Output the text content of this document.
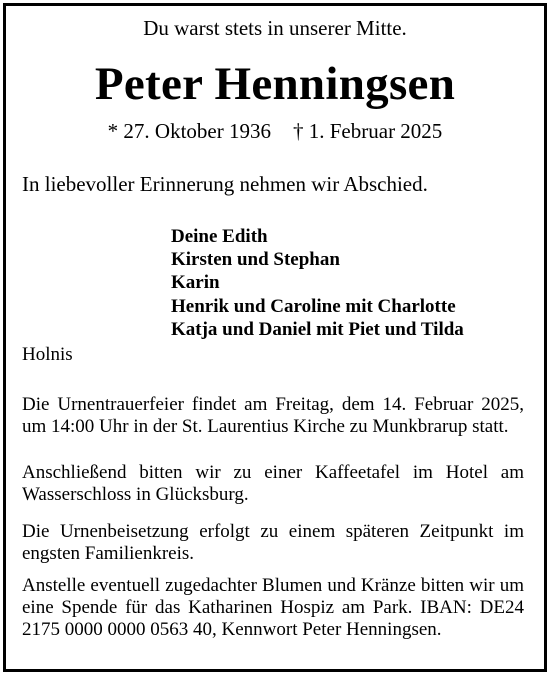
Du warst stets in unserer Mitte.
Peter Henningsen
* 27. Oktober 1936 † 1. Februar 2025
In liebevoller Erinnerung nehmen wir Abschied.
Deine Edith
Kirsten und Stephan
Karin
Henrik und Caroline mit Charlotte
Katja und Daniel mit Piet und Tilda
Holnis
Die Urnentrauerfeier findet am Freitag, dem 14. Februar 2025, um 14:00 Uhr in der St. Laurentius Kirche zu Munkbrarup statt.
Anschließend bitten wir zu einer Kaffeetafel im Hotel am Wasserschloss in Glücksburg.
Die Urnenbeisetzung erfolgt zu einem späteren Zeitpunkt im engsten Familienkreis.
Anstelle eventuell zugedachter Blumen und Kränze bitten wir um eine Spende für das Katharinen Hospiz am Park. IBAN: DE24 2175 0000 0000 0563 40, Kennwort Peter Henningsen.
